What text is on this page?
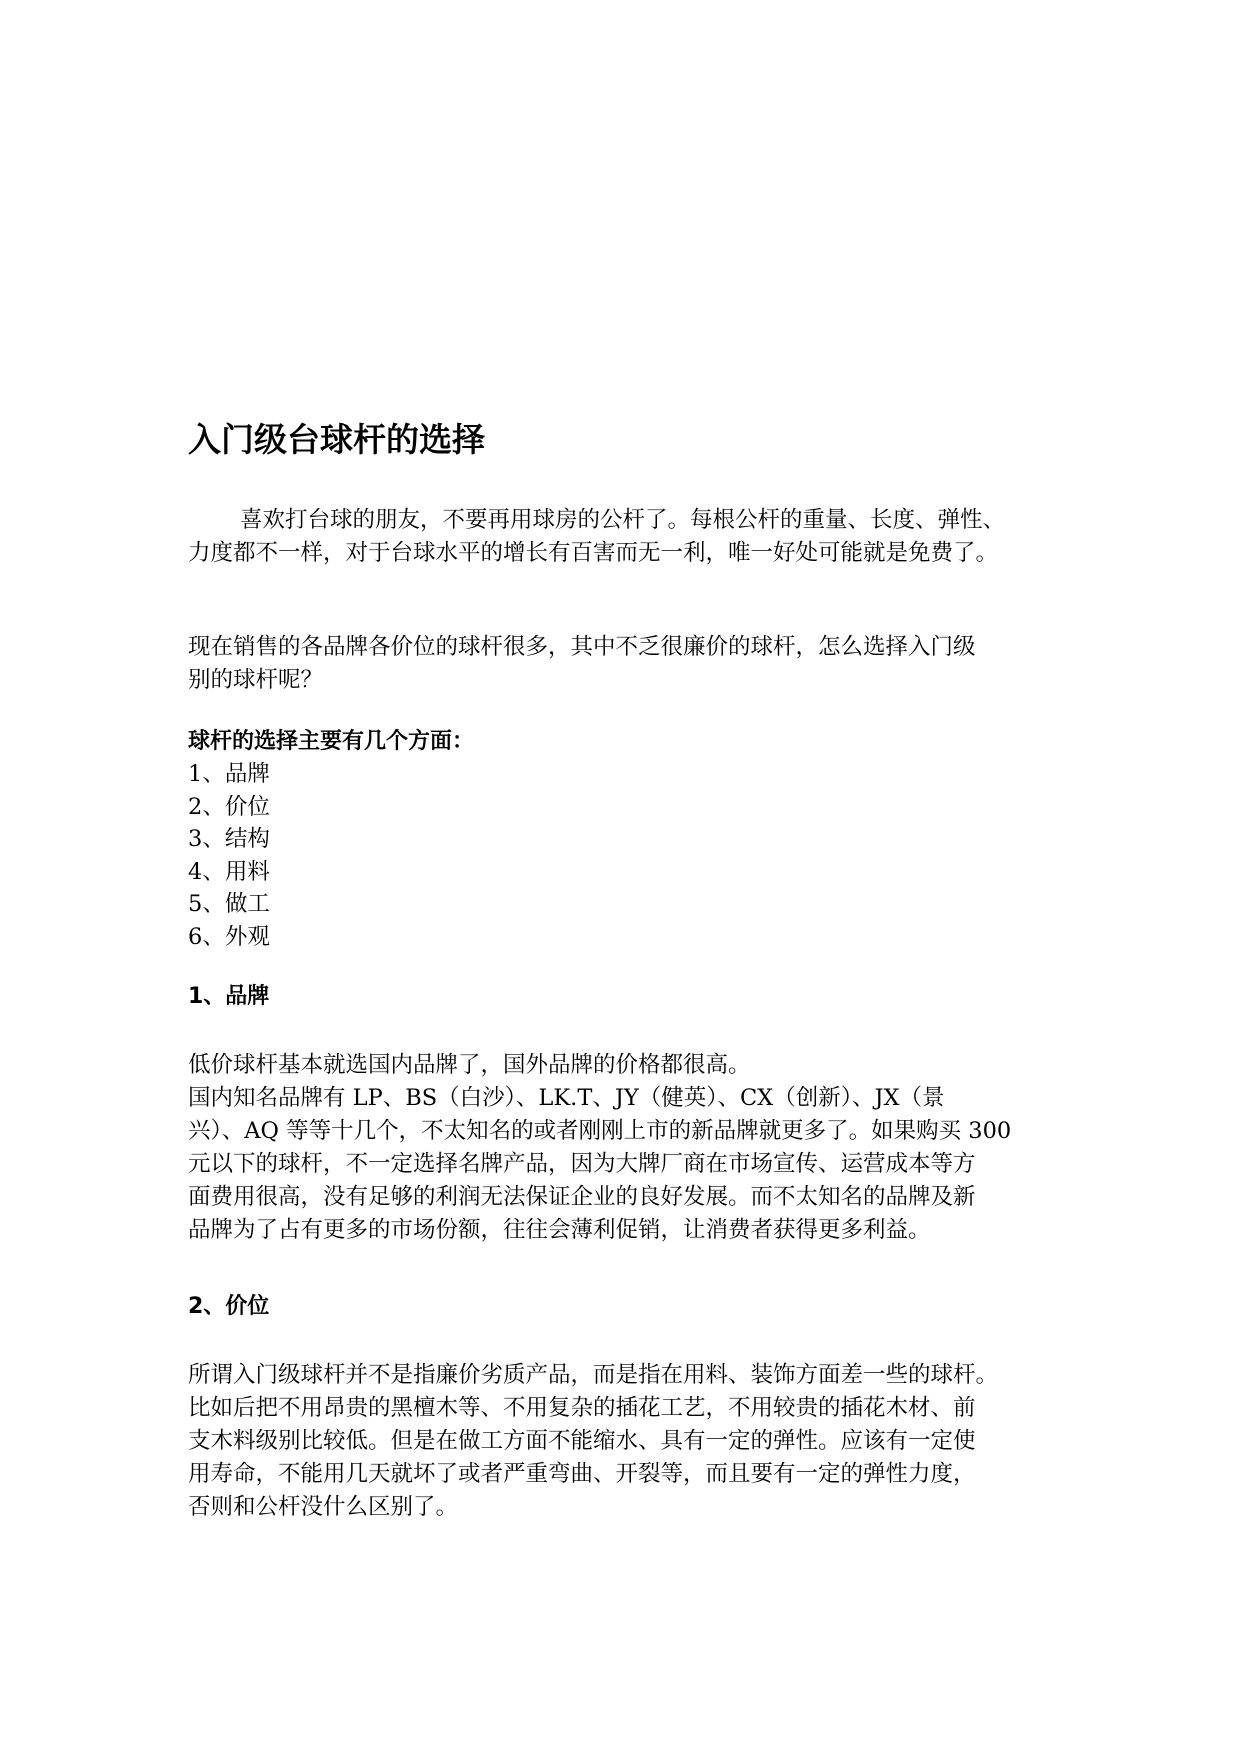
入门级台球杆的选择

喜欢打台球的朋友，不要再用球房的公杆了。每根公杆的重量、长度、弹性、
力度都不一样，对于台球水平的增长有百害而无一利，唯一好处可能就是免费了。

现在销售的各品牌各价位的球杆很多，其中不乏很廉价的球杆，怎么选择入门级
别的球杆呢？

球杆的选择主要有几个方面：
1、品牌
2、价位
3、结构
4、用料
5、做工
6、外观
1、品牌

低价球杆基本就选国内品牌了，国外品牌的价格都很高。
国内知名品牌有 LP、BS（白沙）、LK.T、JY（健英）、CX（创新）、JX（景
兴）、AQ 等等十几个，不太知名的或者刚刚上市的新品牌就更多了。如果购买 300
元以下的球杆，不一定选择名牌产品，因为大牌厂商在市场宣传、运营成本等方
面费用很高，没有足够的利润无法保证企业的良好发展。而不太知名的品牌及新
品牌为了占有更多的市场份额，往往会薄利促销，让消费者获得更多利益。

2、价位

所谓入门级球杆并不是指廉价劣质产品，而是指在用料、装饰方面差一些的球杆。
比如后把不用昂贵的黑檀木等、不用复杂的插花工艺，不用较贵的插花木材、前
支木料级别比较低。但是在做工方面不能缩水、具有一定的弹性。应该有一定使
用寿命，不能用几天就坏了或者严重弯曲、开裂等，而且要有一定的弹性力度，
否则和公杆没什么区别了。
